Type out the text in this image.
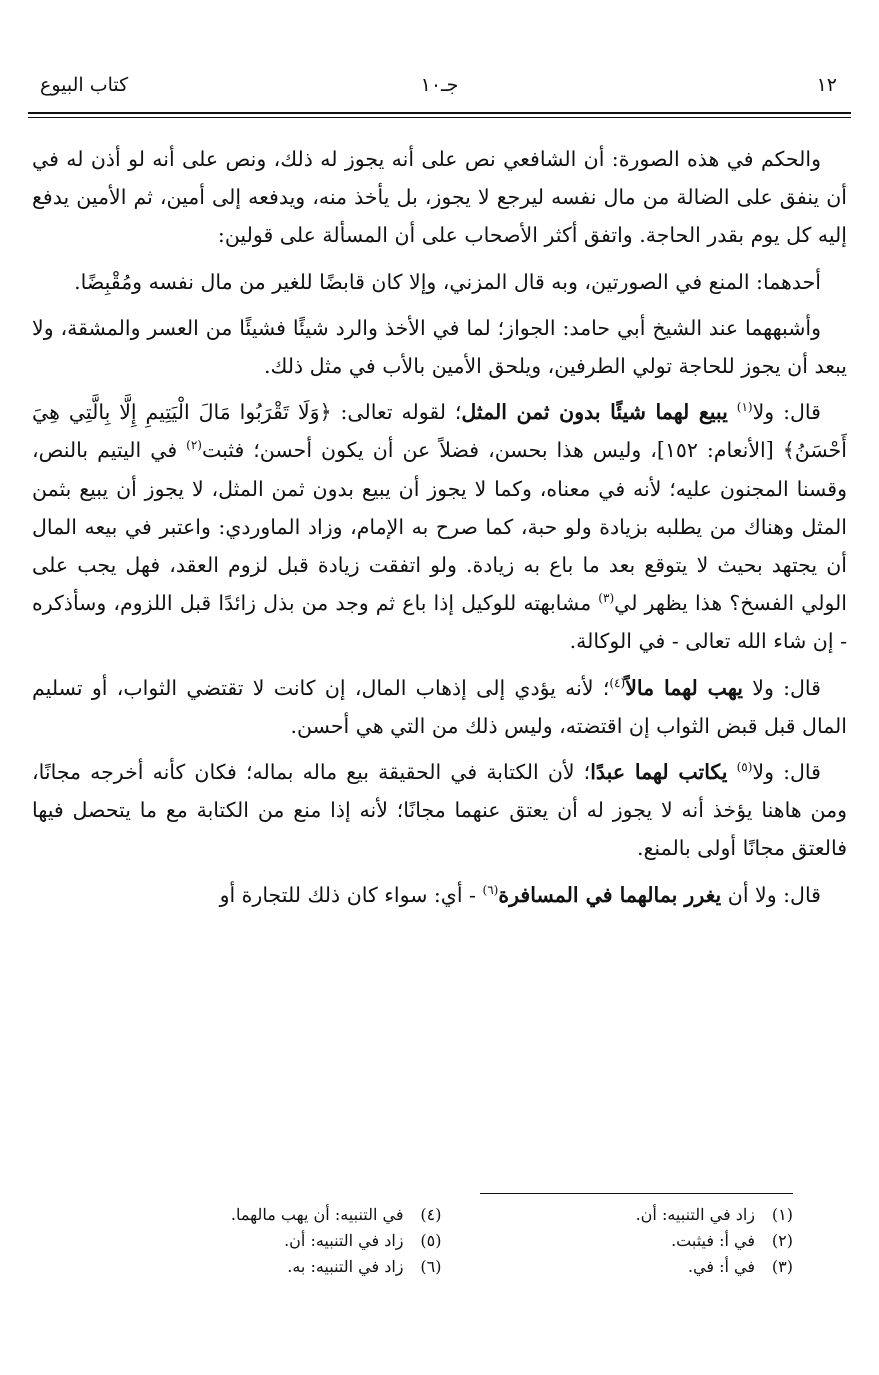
١٢
جـ١٠
كتاب البيوع

والحكم في هذه الصورة: أن الشافعي نص على أنه يجوز له ذلك، ونص على أنه لو أذن له في أن ينفق على الضالة من مال نفسه ليرجع لا يجوز، بل يأخذ منه، ويدفعه إلى أمين، ثم الأمين يدفع إليه كل يوم بقدر الحاجة. واتفق أكثر الأصحاب على أن المسألة على قولين:

أحدهما: المنع في الصورتين، وبه قال المزني، وإلا كان قابضًا للغير من مال نفسه ومُقْبِضًا.

وأشبههما عند الشيخ أبي حامد: الجواز؛ لما في الأخذ والرد شيئًا فشيئًا من العسر والمشقة، ولا يبعد أن يجوز للحاجة تولي الطرفين، ويلحق الأمين بالأب في مثل ذلك.

قال: ولا$^{(١)}$ يبيع لهما شيئًا بدون ثمن المثل؛ لقوله تعالى: ﴿وَلَا تَقْرَبُوا مَالَ الْيَتِيمِ إِلَّا بِالَّتِي هِيَ أَحْسَنُ﴾ [الأنعام: ١٥٢]، وليس هذا بحسن، فضلاً عن أن يكون أحسن؛ فثبت$^{(٢)}$ في اليتيم بالنص، وقسنا المجنون عليه؛ لأنه في معناه، وكما لا يجوز أن يبيع بدون ثمن المثل، لا يجوز أن يبيع بثمن المثل وهناك من يطلبه بزيادة ولو حبة، كما صرح به الإمام، وزاد الماوردي: واعتبر في بيعه المال أن يجتهد بحيث لا يتوقع بعد ما باع به زيادة. ولو اتفقت زيادة قبل لزوم العقد، فهل يجب على الولي الفسخ؟ هذا يظهر لي$^{(٣)}$ مشابهته للوكيل إذا باع ثم وجد من بذل زائدًا قبل اللزوم، وسأذكره - إن شاء الله تعالى - في الوكالة.

قال: ولا يهب لهما مالاً$^{(٤)}$؛ لأنه يؤدي إلى إذهاب المال، إن كانت لا تقتضي الثواب، أو تسليم المال قبل قبض الثواب إن اقتضته، وليس ذلك من التي هي أحسن.

قال: ولا$^{(٥)}$ يكاتب لهما عبدًا؛ لأن الكتابة في الحقيقة بيع ماله بماله؛ فكان كأنه أخرجه مجانًا، ومن هاهنا يؤخذ أنه لا يجوز له أن يعتق عنهما مجانًا؛ لأنه إذا منع من الكتابة مع ما يتحصل فيها فالعتق مجانًا أولى بالمنع.

قال: ولا أن يغرر بمالهما في المسافرة$^{(٦)}$ - أي: سواء كان ذلك للتجارة أو

(١)زاد في التنبيه: أن.
(٢)في أ: فيثبت.
(٣)في أ: في.
(٤)في التنبيه: أن يهب مالهما.
(٥)زاد في التنبيه: أن.
(٦)زاد في التنبيه: به.
